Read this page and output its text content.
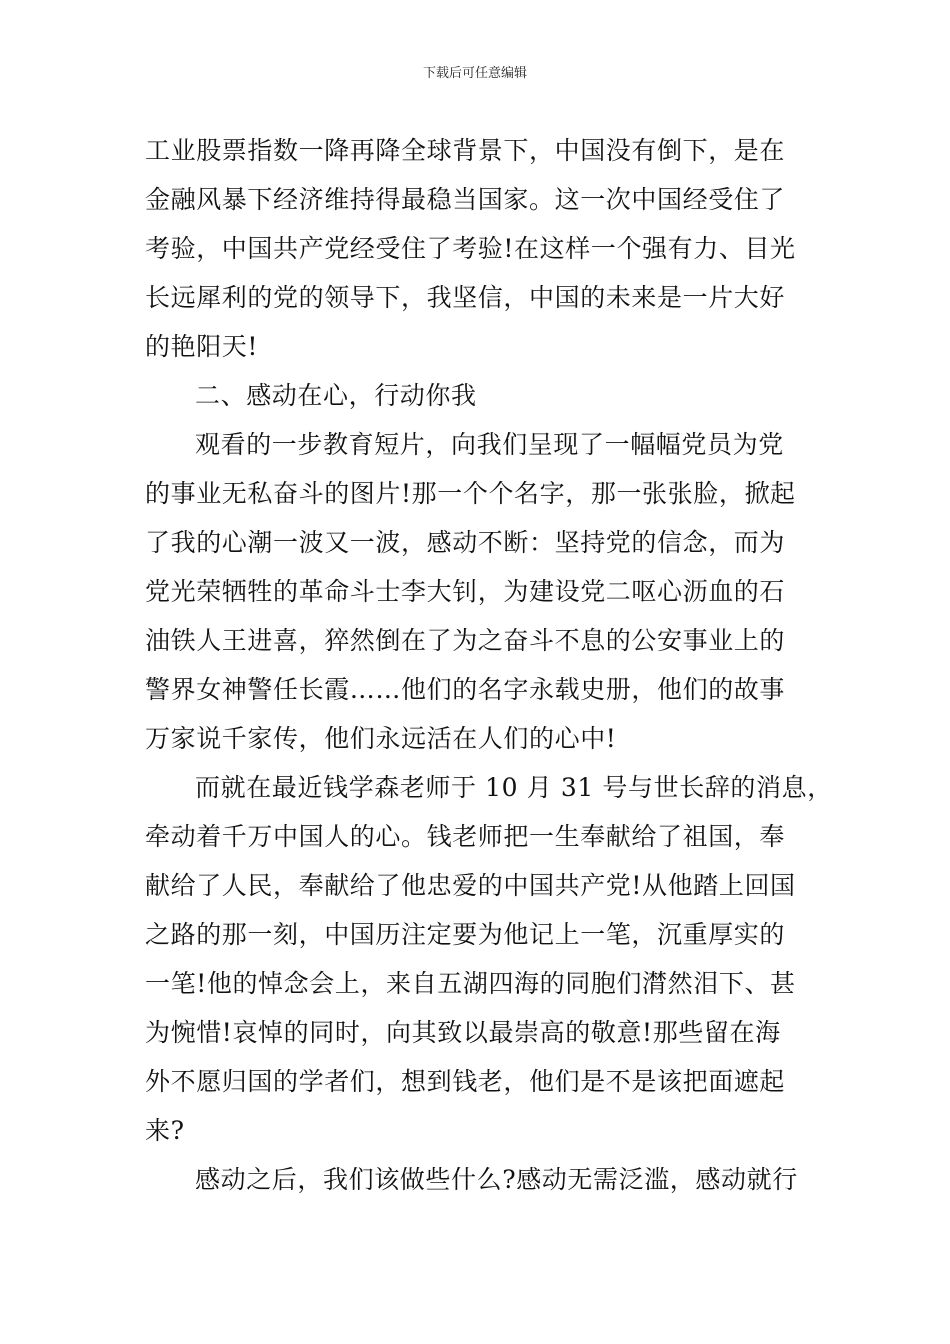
下载后可任意编辑
工业股票指数一降再降全球背景下，中国没有倒下，是在
金融风暴下经济维持得最稳当国家。这一次中国经受住了
考验，中国共产党经受住了考验!在这样一个强有力、目光
长远犀利的党的领导下，我坚信，中国的未来是一片大好
的艳阳天!
二、感动在心，行动你我
观看的一步教育短片，向我们呈现了一幅幅党员为党
的事业无私奋斗的图片!那一个个名字，那一张张脸，掀起
了我的心潮一波又一波，感动不断：坚持党的信念，而为
党光荣牺牲的革命斗士李大钊，为建设党二呕心沥血的石
油铁人王进喜，猝然倒在了为之奋斗不息的公安事业上的
警界女神警任长霞……他们的名字永载史册，他们的故事
万家说千家传，他们永远活在人们的心中!
而就在最近钱学森老师于 10 月 31 号与世长辞的消息，
牵动着千万中国人的心。钱老师把一生奉献给了祖国，奉
献给了人民，奉献给了他忠爱的中国共产党!从他踏上回国
之路的那一刻，中国历注定要为他记上一笔，沉重厚实的
一笔!他的悼念会上，来自五湖四海的同胞们潸然泪下、甚
为惋惜!哀悼的同时，向其致以最崇高的敬意!那些留在海
外不愿归国的学者们，想到钱老，他们是不是该把面遮起
来?
感动之后，我们该做些什么?感动无需泛滥，感动就行
